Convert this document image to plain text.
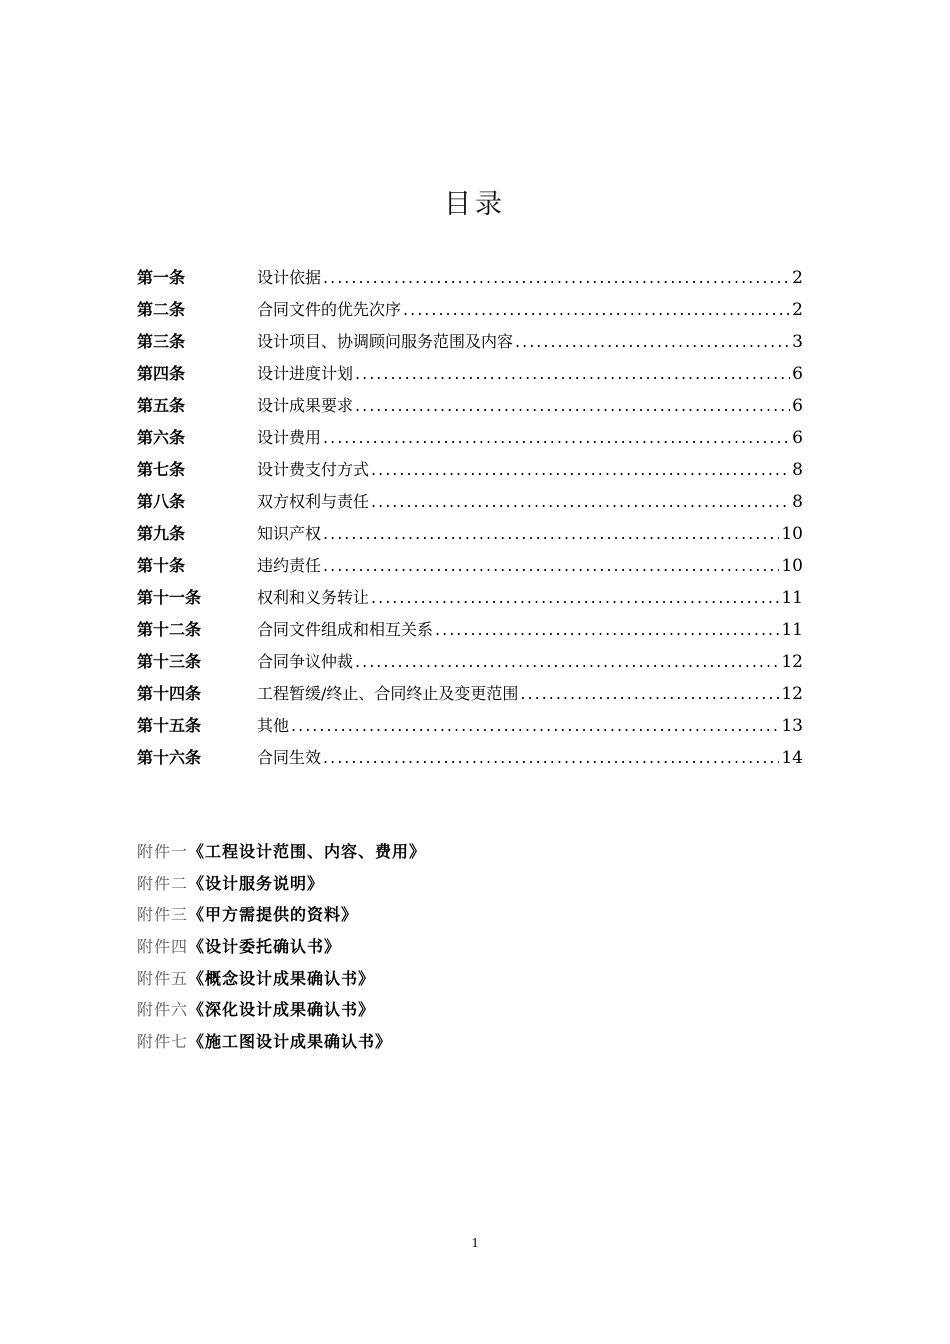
目录
第一条	设计依据 .....	2
第二条	合同文件的优先次序 .....	2
第三条	设计项目、协调顾问服务范围及内容 .....	3
第四条	设计进度计划 .....	6
第五条	设计成果要求 .....	6
第六条	设计费用 .....	6
第七条	设计费支付方式 .....	8
第八条	双方权利与责任 .....	8
第九条	知识产权 .....	10
第十条	违约责任 .....	10
第十一条	权利和义务转让 .....	11
第十二条	合同文件组成和相互关系 .....	11
第十三条	合同争议仲裁 .....	12
第十四条	工程暂缓/终止、合同终止及变更范围 .....	12
第十五条	其他 .....	13
第十六条	合同生效 .....	14
附件一《工程设计范围、内容、费用》
附件二《设计服务说明》
附件三《甲方需提供的资料》
附件四《设计委托确认书》
附件五《概念设计成果确认书》
附件六《深化设计成果确认书》
附件七《施工图设计成果确认书》
1
